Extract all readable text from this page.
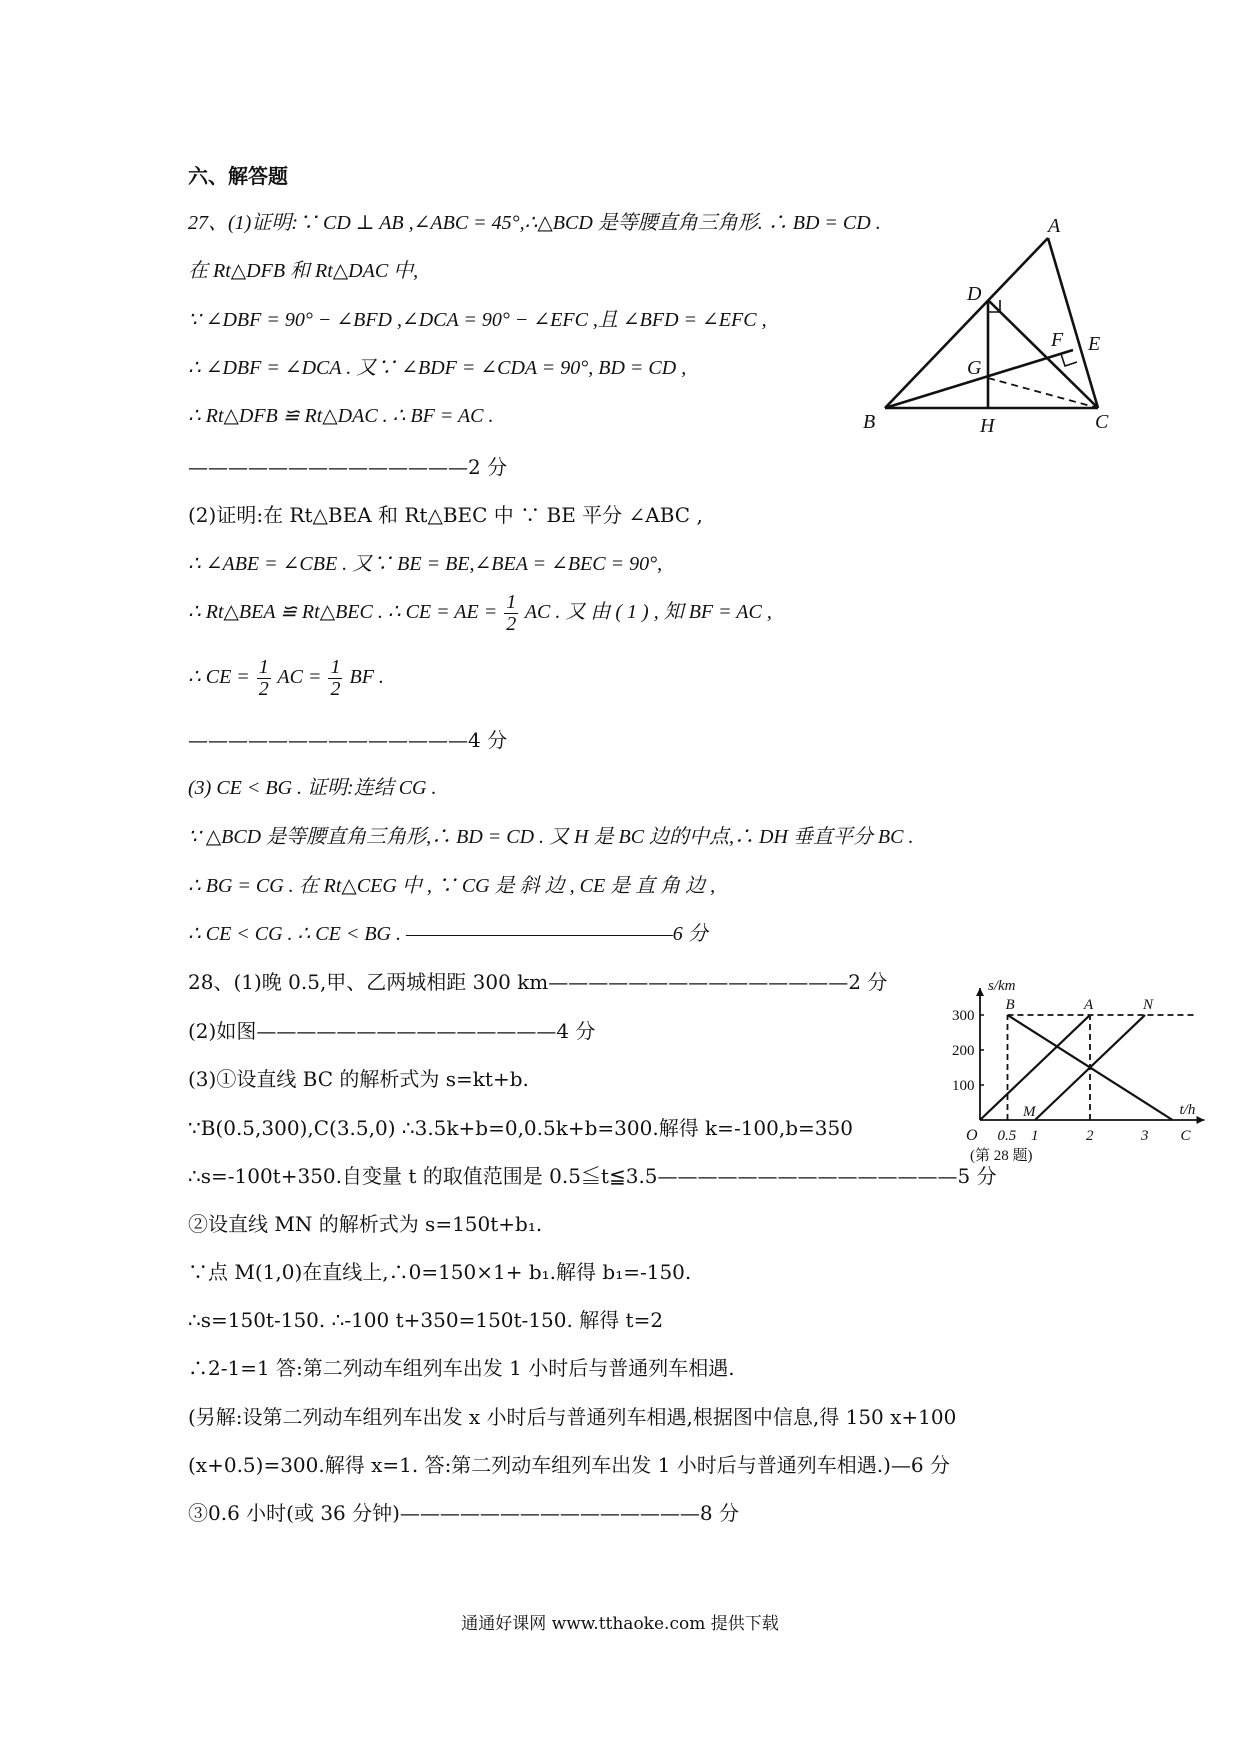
六、解答题
27、(1)证明:∵ CD ⊥ AB ,∠ABC = 45°,∴△BCD 是等腰直角三角形. ∴ BD = CD .
在 Rt△DFB 和 Rt△DAC 中,
∵ ∠DBF = 90° − ∠BFD ,∠DCA = 90° − ∠EFC ,且 ∠BFD = ∠EFC ,
∴ ∠DBF = ∠DCA . 又∵ ∠BDF = ∠CDA = 90°, BD = CD ,
∴ Rt△DFB ≌ Rt△DAC . ∴ BF = AC .
——————————————2 分
A
D
F E
G
B	H	C
(2)证明:在 Rt△BEA 和 Rt△BEC 中 ∵ BE 平分 ∠ABC ,
∴ ∠ABE = ∠CBE . 又∵ BE = BE,∠BEA = ∠BEC = 90°,
∴ Rt△BEA ≌ Rt△BEC . ∴ CE = AE = $\frac{1}{2}$ AC . 又 由 ( 1 ) , 知 BF = AC ,
∴ CE = $\frac{1}{2}$ AC = $\frac{1}{2}$ BF .
——————————————4 分
(3) CE < BG . 证明:连结 CG .
∵ △BCD 是等腰直角三角形,∴ BD = CD . 又 H 是 BC 边的中点,∴ DH 垂直平分 BC .
∴ BG = CG . 在 Rt△CEG 中 , ∵ CG 是 斜 边 , CE 是 直 角 边 ,
∴ CE < CG . ∴ CE < BG . ———————————————6 分
28、(1)晚 0.5,甲、乙两城相距 300 km———————————————2 分
(2)如图———————————————4 分
(3)①设直线 BC 的解析式为 s=kt+b.
∵B(0.5,300),C(3.5,0) ∴3.5k+b=0,0.5k+b=300.解得 k=-100,b=350
∴s=-100t+350.自变量 t 的取值范围是 0.5≦t≦3.5———————————————5 分
②设直线 MN 的解析式为 s=150t+b₁.
∵点 M(1,0)在直线上,∴0=150×1+ b₁.解得 b₁=-150.
∴s=150t-150. ∴-100 t+350=150t-150. 解得 t=2
∴2-1=1 答:第二列动车组列车出发 1 小时后与普通列车相遇.
(另解:设第二列动车组列车出发 x 小时后与普通列车相遇,根据图中信息,得 150 x+100
(x+0.5)=300.解得 x=1. 答:第二列动车组列车出发 1 小时后与普通列车相遇.)—6 分
③0.6 小时(或 36 分钟)———————————————8 分
100
200
300
0.5 1	2	3
O
s/km
t/h
B	A	N
M
C
(第 28 题)
通通好课网 www.tthaoke.com 提供下载
